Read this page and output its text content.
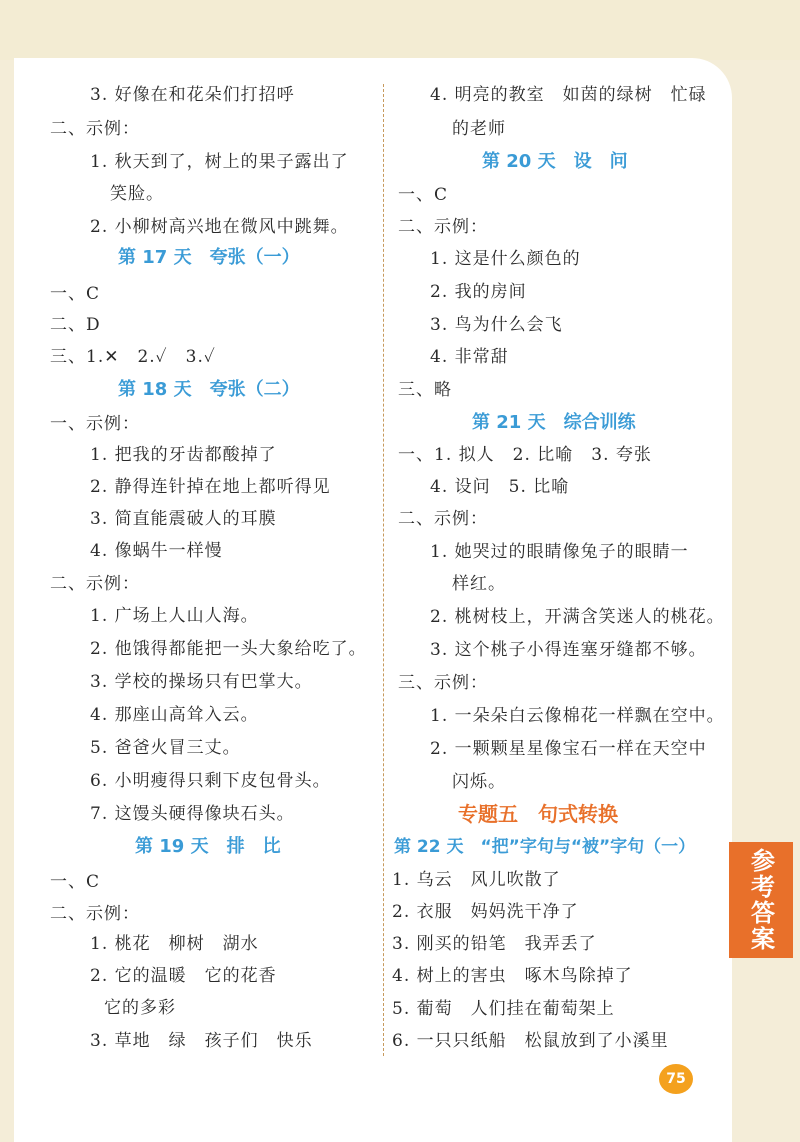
3. 好像在和花朵们打招呼
二、示例：
1. 秋天到了，树上的果子露出了
笑脸。
2. 小柳树高兴地在微风中跳舞。
第 17 天　夸张（一）
一、C
二、D
三、1.✕　2.✓　3.✓
第 18 天　夸张（二）
一、示例：
1. 把我的牙齿都酸掉了
2. 静得连针掉在地上都听得见
3. 简直能震破人的耳膜
4. 像蜗牛一样慢
二、示例：
1. 广场上人山人海。
2. 他饿得都能把一头大象给吃了。
3. 学校的操场只有巴掌大。
4. 那座山高耸入云。
5. 爸爸火冒三丈。
6. 小明瘦得只剩下皮包骨头。
7. 这馒头硬得像块石头。
第 19 天　排　比
一、C
二、示例：
1. 桃花　柳树　湖水
2. 它的温暖　它的花香
它的多彩
3. 草地　绿　孩子们　快乐
4. 明亮的教室　如茵的绿树　忙碌
的老师
第 20 天　设　问
一、C
二、示例：
1. 这是什么颜色的
2. 我的房间
3. 鸟为什么会飞
4. 非常甜
三、略
第 21 天　综合训练
一、1. 拟人　2. 比喻　3. 夸张
4. 设问　5. 比喻
二、示例：
1. 她哭过的眼睛像兔子的眼睛一
样红。
2. 桃树枝上，开满含笑迷人的桃花。
3. 这个桃子小得连塞牙缝都不够。
三、示例：
1. 一朵朵白云像棉花一样飘在空中。
2. 一颗颗星星像宝石一样在天空中
闪烁。
专题五　句式转换
第 22 天　“把”字句与“被”字句（一）
1. 乌云　风儿吹散了
2. 衣服　妈妈洗干净了
3. 刚买的铅笔　我弄丢了
4. 树上的害虫　啄木鸟除掉了
5. 葡萄　人们挂在葡萄架上
6. 一只只纸船　松鼠放到了小溪里
参考答案
75
